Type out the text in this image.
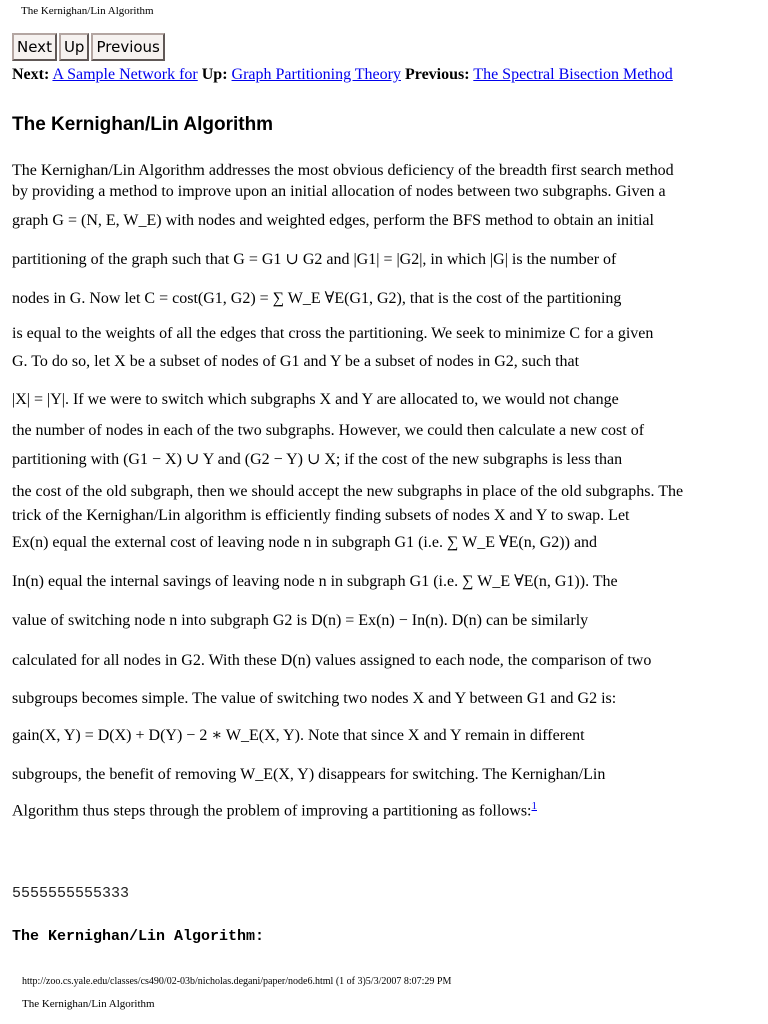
The Kernighan/Lin Algorithm
Next Up Previous
Next: A Sample Network for Up: Graph Partitioning Theory Previous: The Spectral Bisection Method
The Kernighan/Lin Algorithm
The Kernighan/Lin Algorithm addresses the most obvious deficiency of the breadth first search method
by providing a method to improve upon an initial allocation of nodes between two subgraphs. Given a
graph G = (N, E, W_E) with nodes and weighted edges, perform the BFS method to obtain an initial
partitioning of the graph such that G = G1 ∪ G2 and |G1| = |G2|, in which |G| is the number of
nodes in G. Now let C = cost(G1, G2) = ∑ W_E ∀E(G1, G2), that is the cost of the partitioning
is equal to the weights of all the edges that cross the partitioning. We seek to minimize C for a given
G. To do so, let X be a subset of nodes of G1 and Y be a subset of nodes in G2, such that
|X| = |Y|. If we were to switch which subgraphs X and Y are allocated to, we would not change
the number of nodes in each of the two subgraphs. However, we could then calculate a new cost of
partitioning with (G1 − X) ∪ Y and (G2 − Y) ∪ X; if the cost of the new subgraphs is less than
the cost of the old subgraph, then we should accept the new subgraphs in place of the old subgraphs. The
trick of the Kernighan/Lin algorithm is efficiently finding subsets of nodes X and Y to swap. Let
Ex(n) equal the external cost of leaving node n in subgraph G1 (i.e. ∑ W_E ∀E(n, G2)) and
In(n) equal the internal savings of leaving node n in subgraph G1 (i.e. ∑ W_E ∀E(n, G1)). The
value of switching node n into subgraph G2 is D(n) = Ex(n) − In(n). D(n) can be similarly
calculated for all nodes in G2. With these D(n) values assigned to each node, the comparison of two
subgroups becomes simple. The value of switching two nodes X and Y between G1 and G2 is:
gain(X, Y) = D(X) + D(Y) − 2 ∗ W_E(X, Y). Note that since X and Y remain in different
subgroups, the benefit of removing W_E(X, Y) disappears for switching. The Kernighan/Lin
Algorithm thus steps through the problem of improving a partitioning as follows:$^1$
5555555555333
The Kernighan/Lin Algorithm:
http://zoo.cs.yale.edu/classes/cs490/02-03b/nicholas.degani/paper/node6.html (1 of 3)5/3/2007 8:07:29 PM
The Kernighan/Lin Algorithm
